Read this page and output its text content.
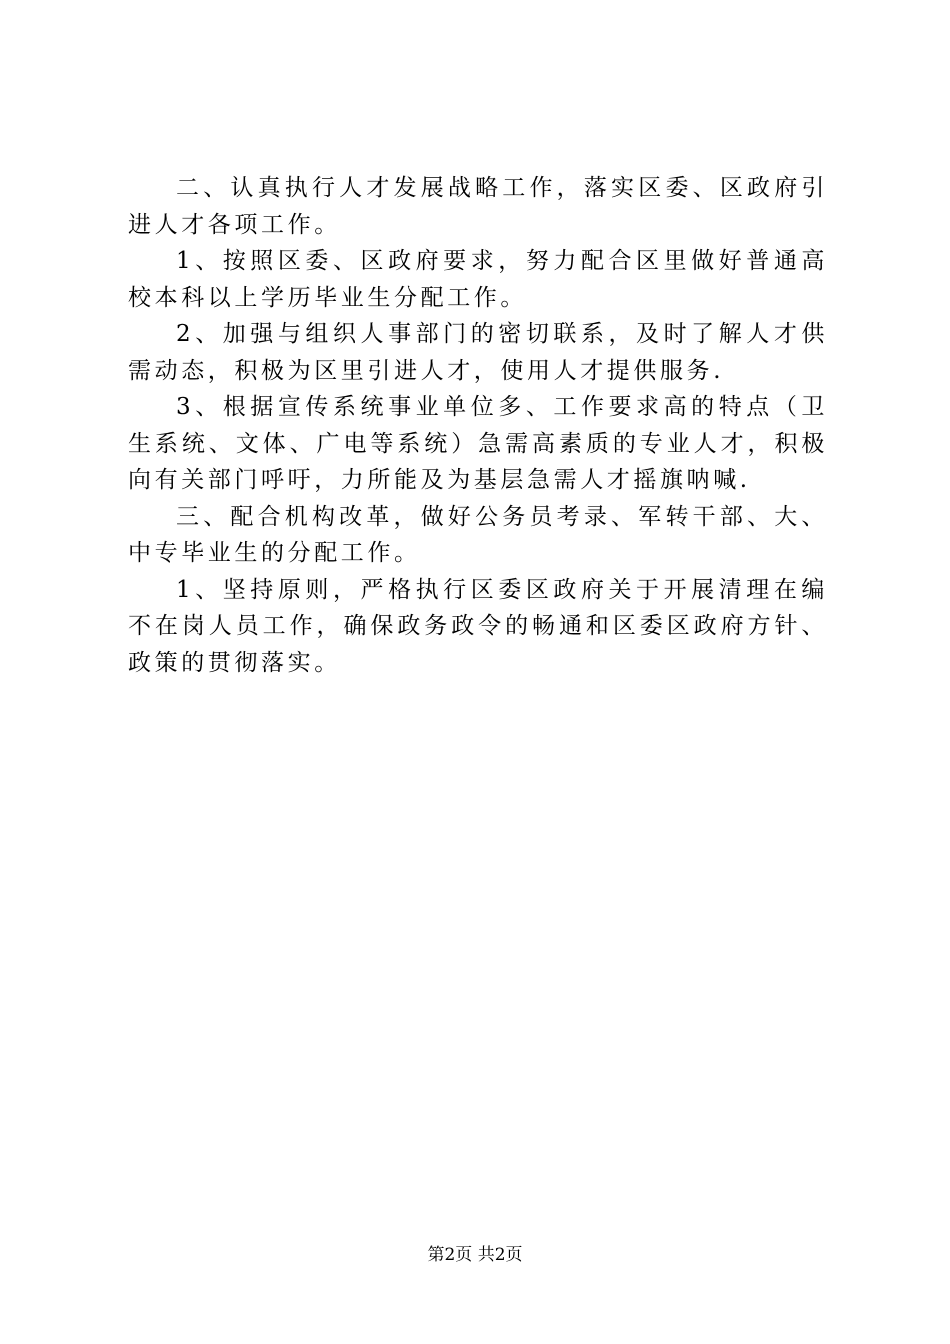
二、认真执行人才发展战略工作，落实区委、区政府引进人才各项工作。

1、按照区委、区政府要求，努力配合区里做好普通高校本科以上学历毕业生分配工作。

2、加强与组织人事部门的密切联系，及时了解人才供需动态，积极为区里引进人才，使用人才提供服务.

3、根据宣传系统事业单位多、工作要求高的特点（卫生系统、文体、广电等系统）急需高素质的专业人才，积极向有关部门呼吁，力所能及为基层急需人才摇旗呐喊.

三、配合机构改革，做好公务员考录、军转干部、大、中专毕业生的分配工作。

1、坚持原则，严格执行区委区政府关于开展清理在编不在岗人员工作，确保政务政令的畅通和区委区政府方针、政策的贯彻落实。

第2页 共2页
